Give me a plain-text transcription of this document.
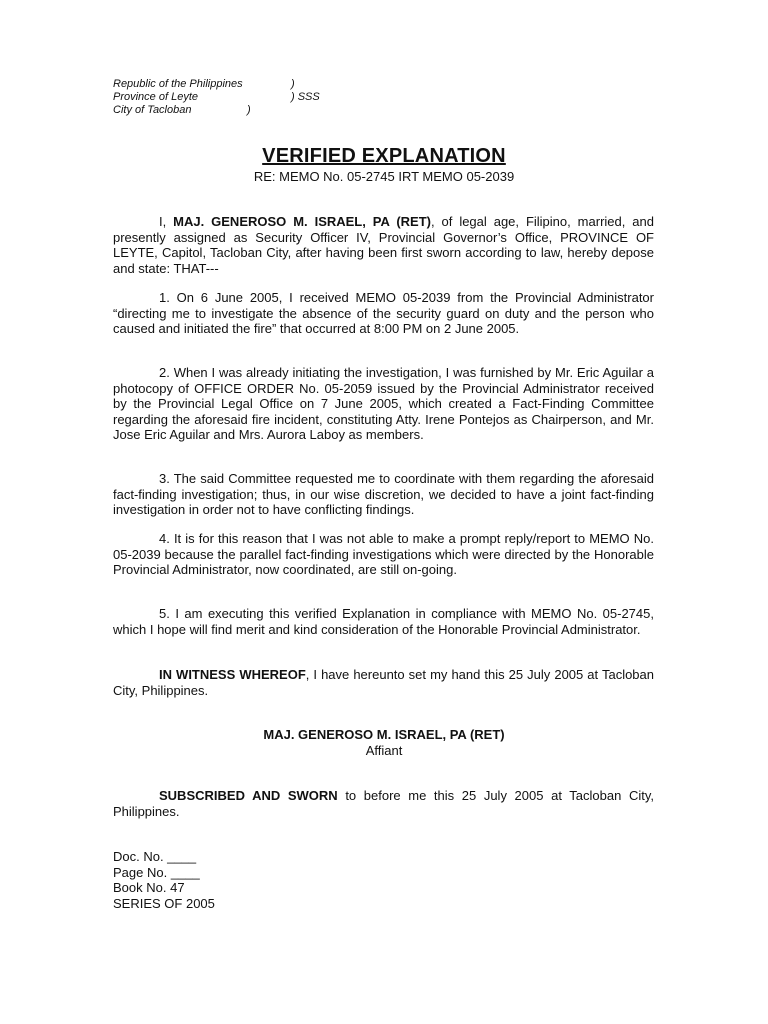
Republic of the Philippines	)
Province of Leyte	) SSS
City of Tacloban	)
VERIFIED EXPLANATION
RE: MEMO No. 05-2745 IRT MEMO 05-2039
I, MAJ. GENEROSO M. ISRAEL, PA (RET), of legal age, Filipino, married, and presently assigned as Security Officer IV, Provincial Governor’s Office, PROVINCE OF LEYTE, Capitol, Tacloban City, after having been first sworn according to law, hereby depose and state: THAT---
1. On 6 June 2005, I received MEMO 05-2039 from the Provincial Administrator “directing me to investigate the absence of the security guard on duty and the person who caused and initiated the fire” that occurred at 8:00 PM on 2 June 2005.
2. When I was already initiating the investigation, I was furnished by Mr. Eric Aguilar a photocopy of OFFICE ORDER No. 05-2059 issued by the Provincial Administrator received by the Provincial Legal Office on 7 June 2005, which created a Fact-Finding Committee regarding the aforesaid fire incident, constituting Atty. Irene Pontejos as Chairperson, and Mr. Jose Eric Aguilar and Mrs. Aurora Laboy as members.
3. The said Committee requested me to coordinate with them regarding the aforesaid fact-finding investigation; thus, in our wise discretion, we decided to have a joint fact-finding investigation in order not to have conflicting findings.
4. It is for this reason that I was not able to make a prompt reply/report to MEMO No. 05-2039 because the parallel fact-finding investigations which were directed by the Honorable Provincial Administrator, now coordinated, are still on-going.
5. I am executing this verified Explanation in compliance with MEMO No. 05-2745, which I hope will find merit and kind consideration of the Honorable Provincial Administrator.
IN WITNESS WHEREOF, I have hereunto set my hand this 25 July 2005 at Tacloban City, Philippines.
MAJ. GENEROSO M. ISRAEL, PA (RET)
Affiant
SUBSCRIBED AND SWORN to before me this 25 July 2005 at Tacloban City, Philippines.
Doc. No. ____
Page No. ____
Book No. 47
SERIES OF 2005
